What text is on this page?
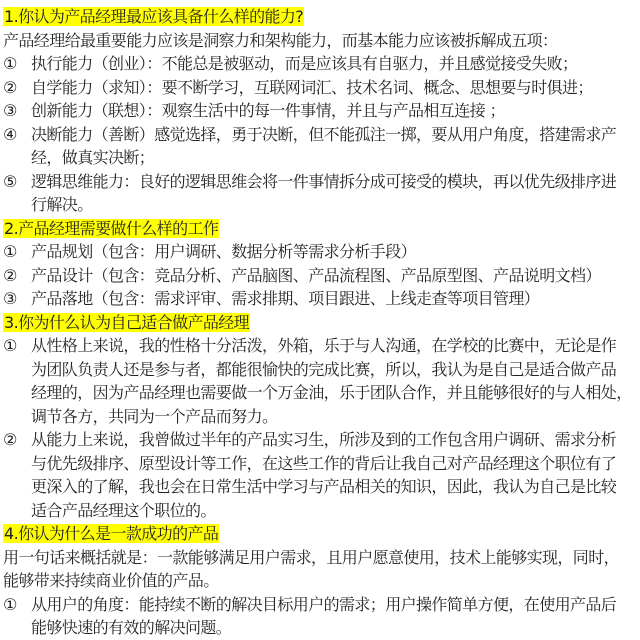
1.你认为产品经理最应该具备什么样的能力?
产品经理给最重要能力应该是洞察力和架构能力，而基本能力应该被拆解成五项：
① 执行能力（创业）：不能总是被驱动，而是应该具有自驱力，并且感觉接受失败；
② 自学能力（求知）：要不断学习，互联网词汇、技术名词、概念、思想要与时俱进；
③ 创新能力（联想）：观察生活中的每一件事情，并且与产品相互连接 ；
④ 决断能力（善断）感觉选择，勇于决断，但不能孤注一掷，要从用户角度，搭建需求产
经，做真实决断；
⑤ 逻辑思维能力：良好的逻辑思维会将一件事情拆分成可接受的模块，再以优先级排序进
行解决。
2.产品经理需要做什么样的工作
① 产品规划（包含：用户调研、数据分析等需求分析手段）
② 产品设计（包含：竞品分析、产品脑图、产品流程图、产品原型图、产品说明文档）
③ 产品落地（包含：需求评审、需求排期、项目跟进、上线走查等项目管理）
3.你为什么认为自己适合做产品经理
① 从性格上来说，我的性格十分活泼，外箱，乐于与人沟通，在学校的比赛中，无论是作
为团队负责人还是参与者，都能很愉快的完成比赛，所以，我认为是自己是适合做产品
经理的，因为产品经理也需要做一个万金油，乐于团队合作，并且能够很好的与人相处，
调节各方，共同为一个产品而努力。
② 从能力上来说，我曾做过半年的产品实习生，所涉及到的工作包含用户调研、需求分析
与优先级排序、原型设计等工作，在这些工作的背后让我自己对产品经理这个职位有了
更深入的了解，我也会在日常生活中学习与产品相关的知识，因此，我认为自己是比较
适合产品经理这个职位的。
4.你认为什么是一款成功的产品
用一句话来概括就是：一款能够满足用户需求，且用户愿意使用，技术上能够实现，同时，
能够带来持续商业价值的产品。
① 从用户的角度：能持续不断的解决目标用户的需求；用户操作简单方便，在使用产品后
能够快速的有效的解决问题。
